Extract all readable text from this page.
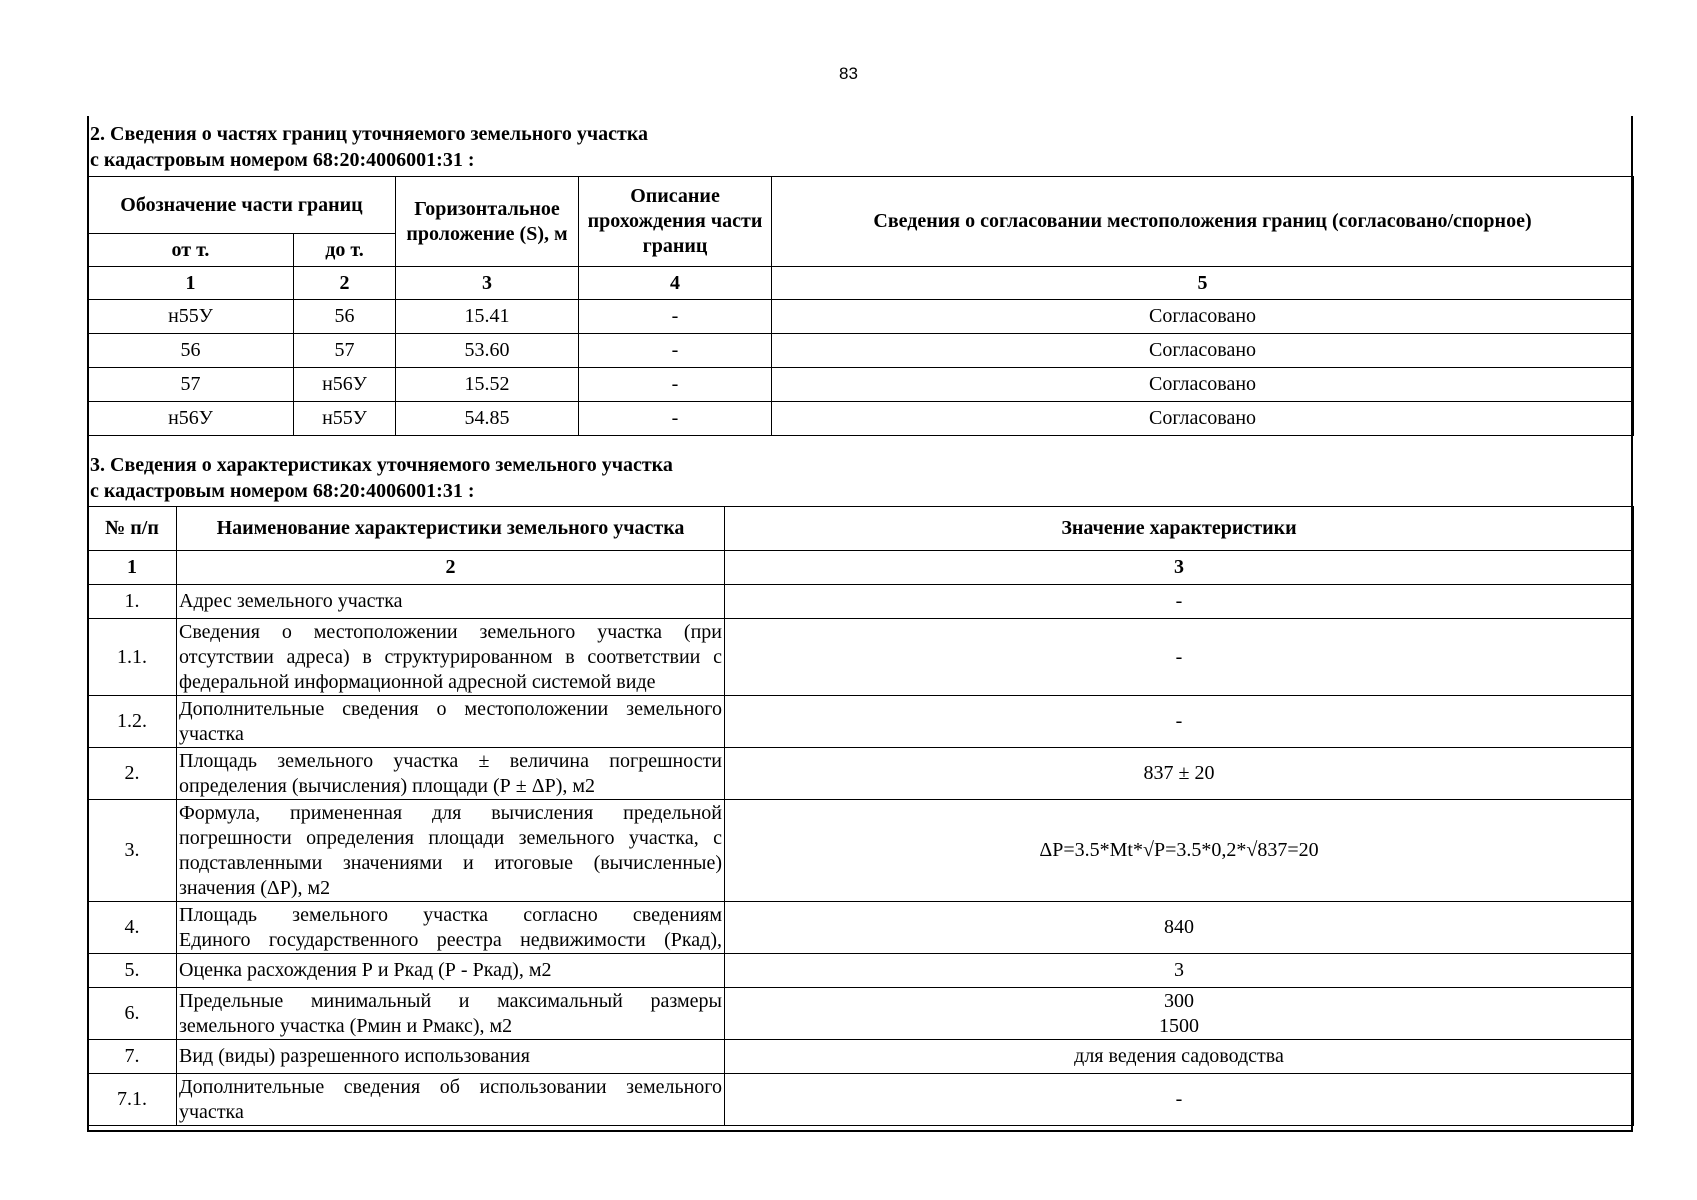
83
2. Сведения о частях границ уточняемого земельного участка
с кадастровым номером 68:20:4006001:31 :
Обозначение части границ		Горизонтальное проложение (S), м	Описание прохождения части границ	Сведения о согласовании местоположения границ (согласовано/спорное)
от т.	до т.			
1	2	3	4	5
н55У	56	15.41	-	Согласовано
56	57	53.60	-	Согласовано
57	н56У	15.52	-	Согласовано
н56У	н55У	54.85	-	Согласовано
3. Сведения о характеристиках уточняемого земельного участка
с кадастровым номером 68:20:4006001:31 :
№ п/п	Наименование характеристики земельного участка	Значение характеристики
1	2	3
1.	Адрес земельного участка	-
1.1.	Сведения о местоположении земельного участка (при
отсутствии адреса) в структурированном в соответствии с
федеральной информационной адресной системой виде	-
1.2.	Дополнительные сведения о местоположении земельного
участка	-
2.	Площадь земельного участка ± величина погрешности
определения (вычисления) площади (Р ± ΔР), м2	837 ± 20
3.	Формула, примененная для вычисления предельной
погрешности определения площади земельного участка, с
подставленными значениями и итоговые (вычисленные)
значения (ΔР), м2	ΔР=3.5*Mt*√Р=3.5*0,2*√837=20
4.	Площадь земельного участка согласно сведениям
Единого государственного реестра недвижимости (Ркад),	840
5.	Оценка расхождения Р и Ркад (Р - Ркад), м2	3
6.	Предельные минимальный и максимальный размеры
земельного участка (Рмин и Рмакс), м2	300
1500

7.	Вид (виды) разрешенного использования	для ведения садоводства
7.1.	Дополнительные сведения об использовании земельного
участка	-
